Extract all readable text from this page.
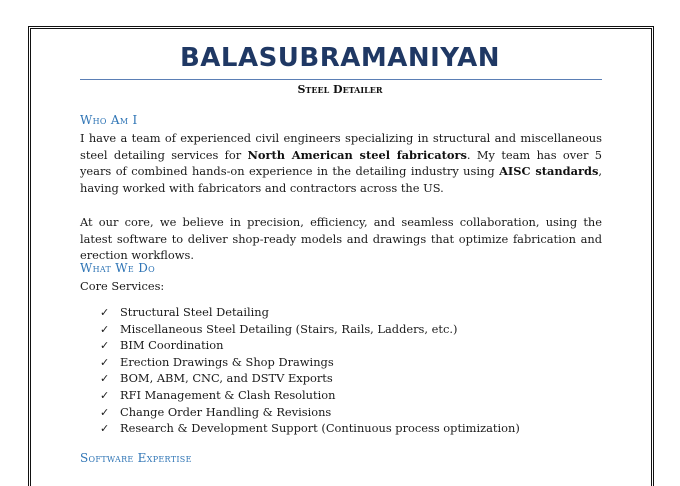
BALASUBRAMANIYAN
Steel Detailer
Who Am I
I have a team of experienced civil engineers specializing in structural and miscellaneous steel detailing services for North American steel fabricators. My team has over 5 years of combined hands-on experience in the detailing industry using AISC standards, having worked with fabricators and contractors across the US.
At our core, we believe in precision, efficiency, and seamless collaboration, using the latest software to deliver shop-ready models and drawings that optimize fabrication and erection workflows.
What We Do
Core Services:
✓ Structural Steel Detailing
✓ Miscellaneous Steel Detailing (Stairs, Rails, Ladders, etc.)
✓ BIM Coordination
✓ Erection Drawings & Shop Drawings
✓ BOM, ABM, CNC, and DSTV Exports
✓ RFI Management & Clash Resolution
✓ Change Order Handling & Revisions
✓ Research & Development Support (Continuous process optimization)
Software Expertise
